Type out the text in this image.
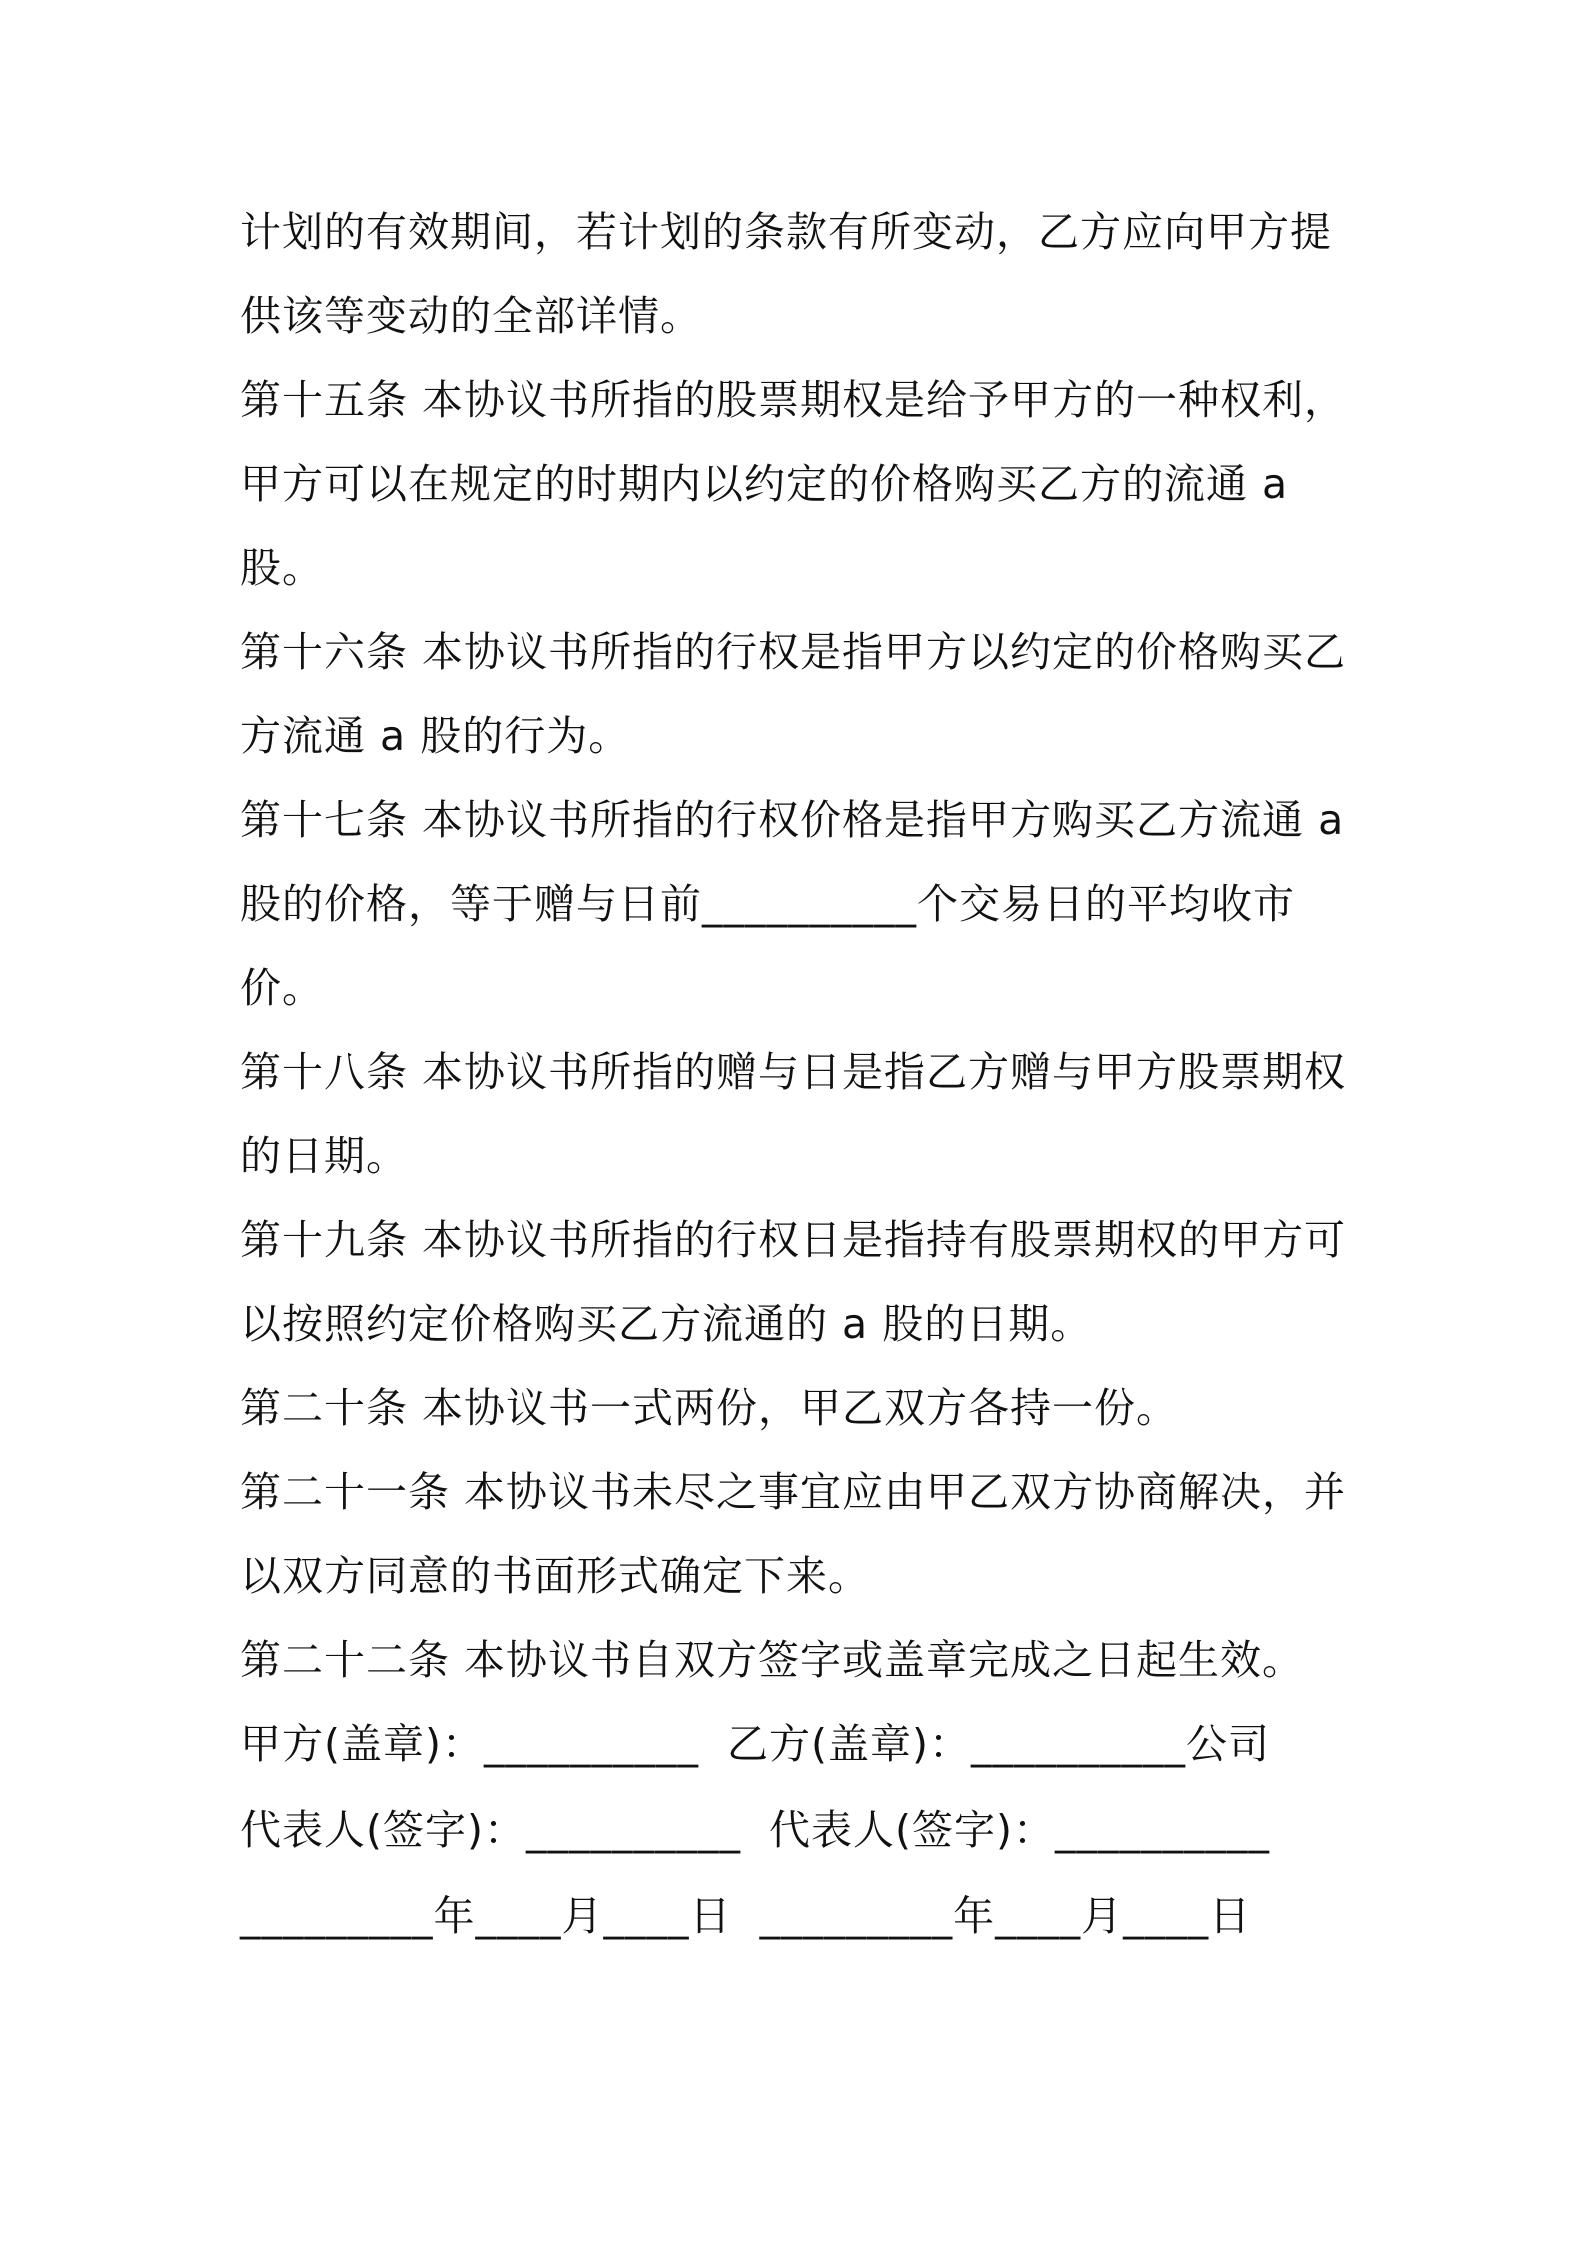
计划的有效期间，若计划的条款有所变动，乙方应向甲方提供该等变动的全部详情。

第十五条 本协议书所指的股票期权是给予甲方的一种权利，甲方可以在规定的时期内以约定的价格购买乙方的流通 a 股。

第十六条 本协议书所指的行权是指甲方以约定的价格购买乙方流通 a 股的行为。

第十七条 本协议书所指的行权价格是指甲方购买乙方流通 a 股的价格，等于赠与日前__________个交易日的平均收市价。

第十八条 本协议书所指的赠与日是指乙方赠与甲方股票期权的日期。

第十九条 本协议书所指的行权日是指持有股票期权的甲方可以按照约定价格购买乙方流通的 a 股的日期。

第二十条 本协议书一式两份，甲乙双方各持一份。

第二十一条 本协议书未尽之事宜应由甲乙双方协商解决，并以双方同意的书面形式确定下来。

第二十二条 本协议书自双方签字或盖章完成之日起生效。

甲方(盖章)：__________  乙方(盖章)：__________公司

代表人(签字)：__________  代表人(签字)：__________

_________年____月____日  _________年____月____日
